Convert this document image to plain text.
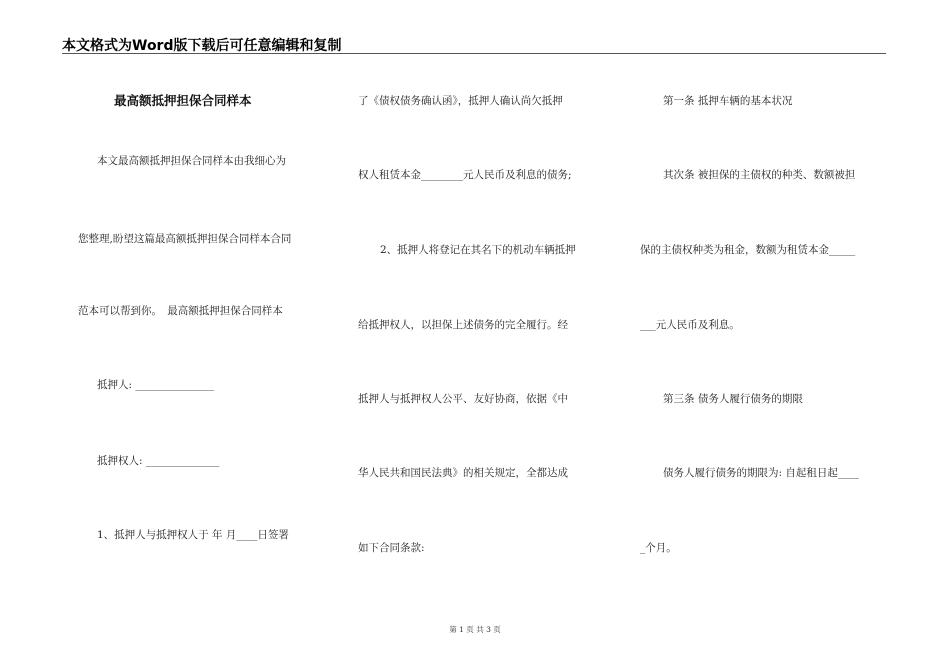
本文格式为Word版下载后可任意编辑和复制
最高额抵押担保合同样本
本文最高额抵押担保合同样本由我细心为
您整理,盼望这篇最高额抵押担保合同样本合同
范本可以帮到你。　最高额抵押担保合同样本
抵押人: _______________
抵押权人: ______________
1、抵押人与抵押权人于 年 月____日签署
了《债权债务确认函》，抵押人确认尚欠抵押
权人租赁本金________元人民币及利息的债务;
2、抵押人将登记在其名下的机动车辆抵押
给抵押权人，以担保上述债务的完全履行。经
抵押人与抵押权人公平、友好协商，依据《中
华人民共和国民法典》的相关规定，全都达成
如下合同条款:
第一条 抵押车辆的基本状况
其次条 被担保的主债权的种类、数额被担
保的主债权种类为租金，数额为租赁本金_____
___元人民币及利息。
第三条 债务人履行债务的期限
债务人履行债务的期限为: 自起租日起____
_个月。
第 1 页 共 3 页
